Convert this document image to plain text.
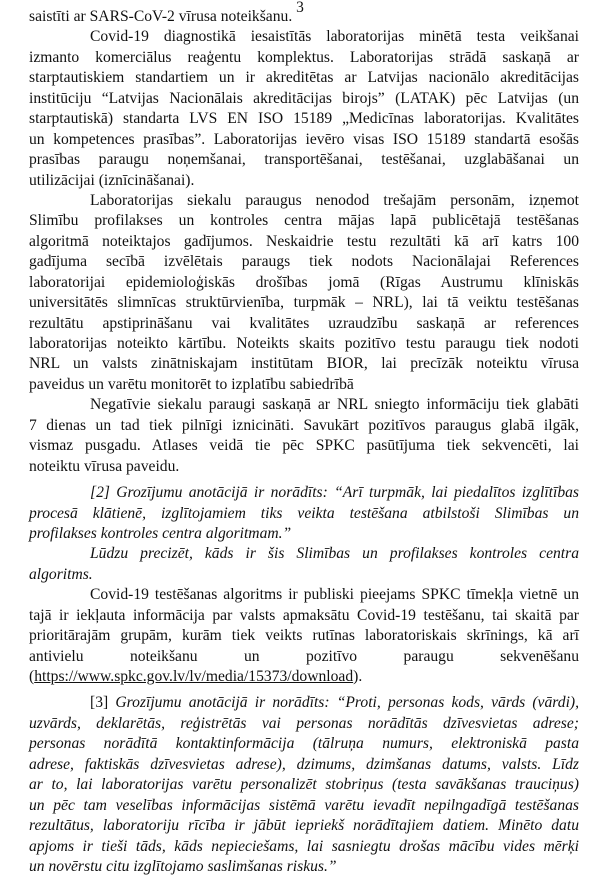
3
saistīti ar SARS-CoV-2 vīrusa noteikšanu.
Covid-19 diagnostikā iesaistītās laboratorijas minētā testa veikšanai
izmanto komerciālus reaģentu komplektus. Laboratorijas strādā saskaņā ar
starptautiskiem standartiem un ir akreditētas ar Latvijas nacionālo akreditācijas
institūciju “Latvijas Nacionālais akreditācijas birojs” (LATAK) pēc Latvijas (un
starptautiskā) standarta LVS EN ISO 15189 „Medicīnas laboratorijas. Kvalitātes
un kompetences prasības”. Laboratorijas ievēro visas ISO 15189 standartā esošās
prasības paraugu noņemšanai, transportēšanai, testēšanai, uzglabāšanai un
utilizācijai (iznīcināšanai).
Laboratorijas siekalu paraugus nenodod trešajām personām, izņemot
Slimību profilakses un kontroles centra mājas lapā publicētajā testēšanas
algoritmā noteiktajos gadījumos. Neskaidrie testu rezultāti kā arī katrs 100
gadījuma secībā izvēlētais paraugs tiek nodots Nacionālajai References
laboratorijai epidemioloģiskās drošības jomā (Rīgas Austrumu klīniskās
universitātēs slimnīcas struktūrvienība, turpmāk – NRL), lai tā veiktu testēšanas
rezultātu apstiprināšanu vai kvalitātes uzraudzību saskaņā ar references
laboratorijas noteikto kārtību. Noteikts skaits pozitīvo testu paraugu tiek nodoti
NRL un valsts zinātniskajam institūtam BIOR, lai precīzāk noteiktu vīrusa
paveidus un varētu monitorēt to izplatību sabiedrībā
Negatīvie siekalu paraugi saskaņā ar NRL sniegto informāciju tiek glabāti
7 dienas un tad tiek pilnīgi iznicināti. Savukārt pozitīvos paraugus glabā ilgāk,
vismaz pusgadu. Atlases veidā tie pēc SPKC pasūtījuma tiek sekvencēti, lai
noteiktu vīrusa paveidu.
[2] Grozījumu anotācijā ir norādīts: “Arī turpmāk, lai piedalītos izglītības
procesā klātienē, izglītojamiem tiks veikta testēšana atbilstoši Slimības un
profilakses kontroles centra algoritmam.”
Lūdzu precizēt, kāds ir šis Slimības un profilakses kontroles centra
algoritms.
Covid-19 testēšanas algoritms ir publiski pieejams SPKC tīmekļa vietnē un
tajā ir iekļauta informācija par valsts apmaksātu Covid-19 testēšanu, tai skaitā par
prioritārajām grupām, kurām tiek veikts rutīnas laboratoriskais skrīnings, kā arī
antivielu noteikšanu un pozitīvo paraugu sekvenēšanu
(https://www.spkc.gov.lv/lv/media/15373/download).
[3] Grozījumu anotācijā ir norādīts: “Proti, personas kods, vārds (vārdi),
uzvārds, deklarētās, reģistrētās vai personas norādītās dzīvesvietas adrese;
personas norādītā kontaktinformācija (tālruņa numurs, elektroniskā pasta
adrese, faktiskās dzīvesvietas adrese), dzimums, dzimšanas datums, valsts. Līdz
ar to, lai laboratorijas varētu personalizēt stobriņus (testa savākšanas trauciņus)
un pēc tam veselības informācijas sistēmā varētu ievadīt nepilngadīgā testēšanas
rezultātus, laboratoriju rīcība ir jābūt iepriekš norādītajiem datiem. Minēto datu
apjoms ir tieši tāds, kāds nepieciešams, lai sasniegtu drošas mācību vides mērķi
un novērstu citu izglītojamo saslimšanas riskus.”
